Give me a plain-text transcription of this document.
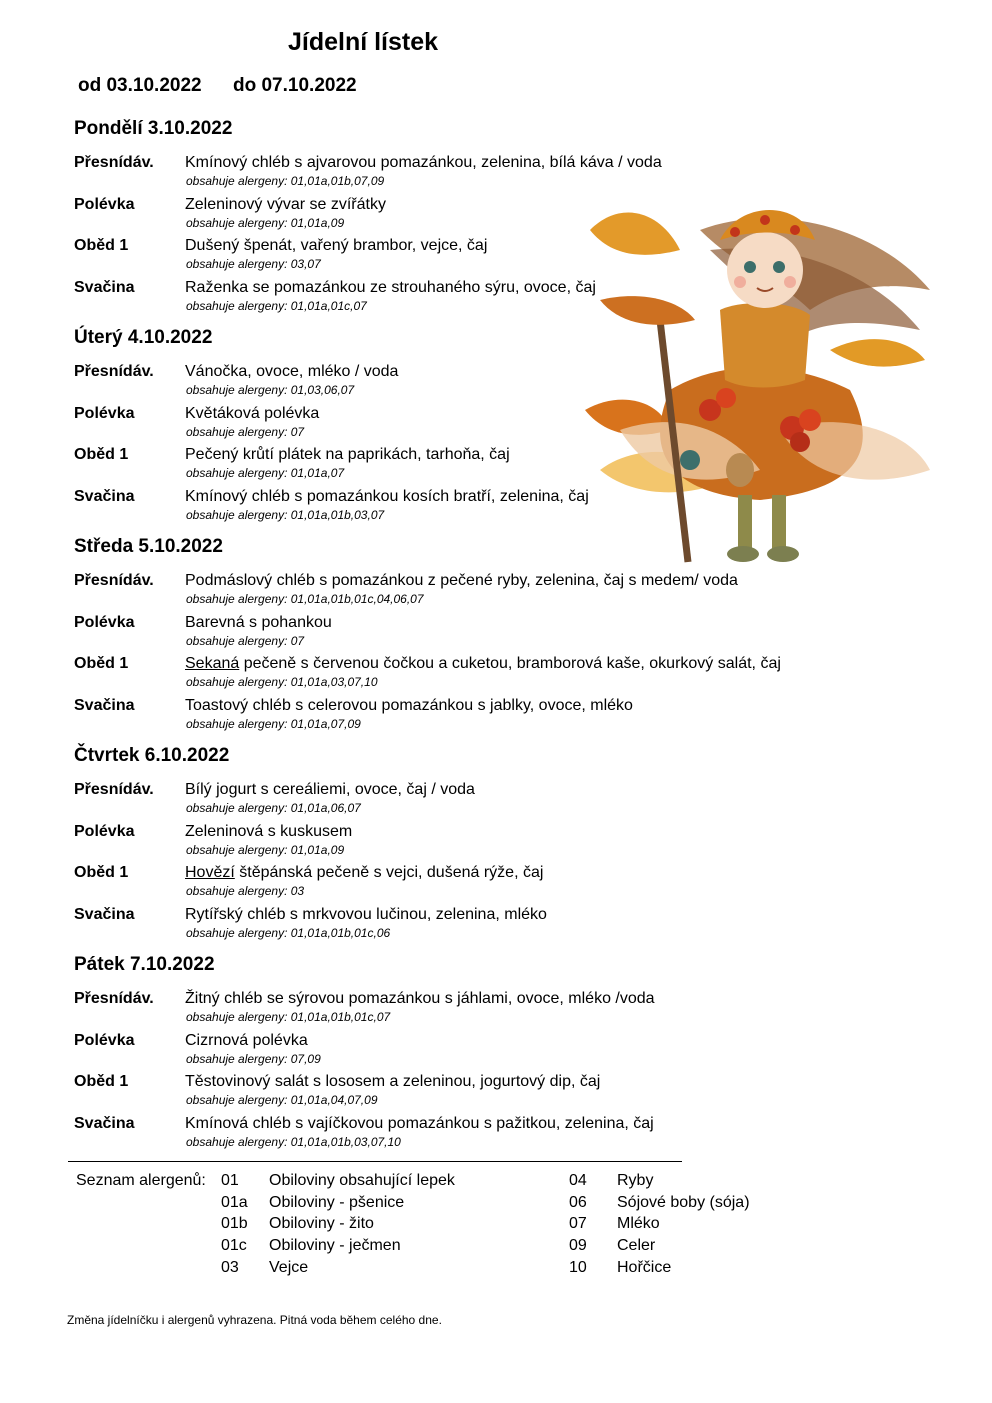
Jídelní lístek
od 03.10.2022 do 07.10.2022
Pondělí 3.10.2022
Přesnídáv. Kmínový chléb s ajvarovou pomazánkou, zelenina, bílá káva / voda
obsahuje alergeny: 01,01a,01b,07,09
Polévka	Zeleninový vývar se zvířátky
obsahuje alergeny: 01,01a,09
Oběd 1	Dušený špenát, vařený brambor, vejce, čaj
obsahuje alergeny: 03,07
Svačina	Raženka se pomazánkou ze strouhaného sýru, ovoce, čaj
obsahuje alergeny: 01,01a,01c,07
Úterý 4.10.2022
Přesnídáv. Vánočka, ovoce, mléko / voda
obsahuje alergeny: 01,03,06,07
Polévka	Květáková polévka
obsahuje alergeny: 07
Oběd 1	Pečený krůtí plátek na paprikách, tarhoňa, čaj
obsahuje alergeny: 01,01a,07
Svačina	Kmínový chléb s pomazánkou kosích bratří, zelenina, čaj
obsahuje alergeny: 01,01a,01b,03,07
Středa 5.10.2022
Přesnídáv. Podmáslový chléb s pomazánkou z pečené ryby, zelenina, čaj s medem/ voda
obsahuje alergeny: 01,01a,01b,01c,04,06,07
Polévka	Barevná s pohankou
obsahuje alergeny: 07
Oběd 1	Sekaná pečeně s červenou čočkou a cuketou, bramborová kaše, okurkový salát, čaj
obsahuje alergeny: 01,01a,03,07,10
Svačina	Toastový chléb s celerovou pomazánkou s jablky, ovoce, mléko
obsahuje alergeny: 01,01a,07,09
Čtvrtek 6.10.2022
Přesnídáv. Bílý jogurt s cereáliemi, ovoce, čaj / voda
obsahuje alergeny: 01,01a,06,07
Polévka	Zeleninová s kuskusem
obsahuje alergeny: 01,01a,09
Oběd 1	Hovězí štěpánská pečeně s vejci, dušená rýže, čaj
obsahuje alergeny: 03
Svačina	Rytířský chléb s mrkvovou lučinou, zelenina, mléko
obsahuje alergeny: 01,01a,01b,01c,06
Pátek 7.10.2022
Přesnídáv. Žitný chléb se sýrovou pomazánkou s jáhlami, ovoce, mléko /voda
obsahuje alergeny: 01,01a,01b,01c,07
Polévka	Cizrnová polévka
obsahuje alergeny: 07,09
Oběd 1	Těstovinový salát s lososem a zeleninou, jogurtový dip, čaj
obsahuje alergeny: 01,01a,04,07,09
Svačina	Kmínová chléb s vajíčkovou pomazánkou s pažitkou, zelenina, čaj
obsahuje alergeny: 01,01a,01b,03,07,10
Seznam alergenů: 01 Obiloviny obsahující lepek
01a Obiloviny - pšenice
01b Obiloviny - žito
01c Obiloviny - ječmen
03 Vejce
04 Ryby
06 Sójové boby (sója)
07 Mléko
09 Celer
10 Hořčice
Změna jídelníčku i alergenů vyhrazena. Pitná voda během celého dne.
